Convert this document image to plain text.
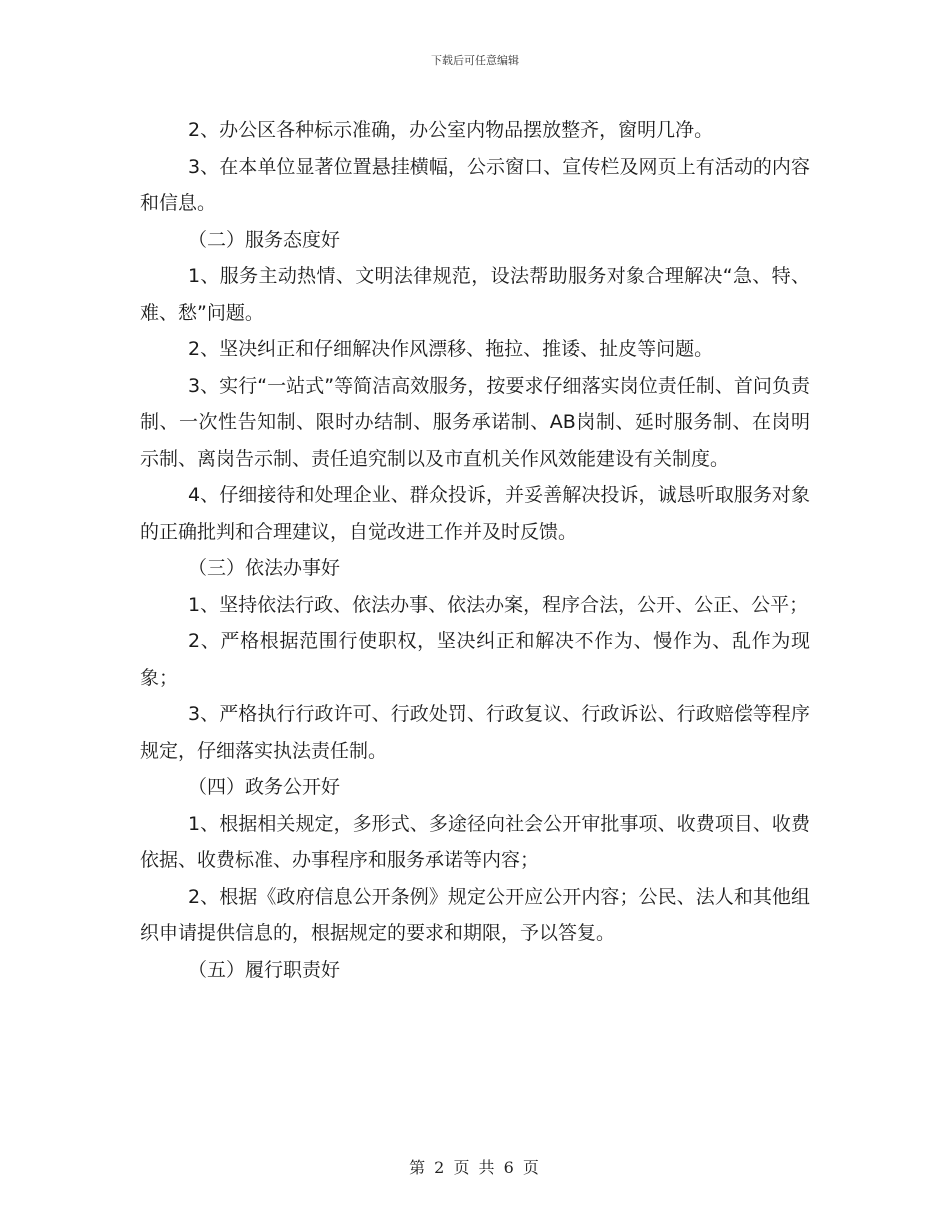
下载后可任意编辑

2、办公区各种标示准确，办公室内物品摆放整齐，窗明几净。

3、在本单位显著位置悬挂横幅，公示窗口、宣传栏及网页上有活动的内容和信息。

（二）服务态度好

1、服务主动热情、文明法律规范，设法帮助服务对象合理解决“急、特、难、愁”问题。

2、坚决纠正和仔细解决作风漂移、拖拉、推诿、扯皮等问题。

3、实行“一站式”等简洁高效服务，按要求仔细落实岗位责任制、首问负责制、一次性告知制、限时办结制、服务承诺制、AB岗制、延时服务制、在岗明示制、离岗告示制、责任追究制以及市直机关作风效能建设有关制度。

4、仔细接待和处理企业、群众投诉，并妥善解决投诉，诚恳听取服务对象的正确批判和合理建议，自觉改进工作并及时反馈。

（三）依法办事好

1、坚持依法行政、依法办事、依法办案，程序合法，公开、公正、公平；

2、严格根据范围行使职权，坚决纠正和解决不作为、慢作为、乱作为现象；

3、严格执行行政许可、行政处罚、行政复议、行政诉讼、行政赔偿等程序规定，仔细落实执法责任制。

（四）政务公开好

1、根据相关规定，多形式、多途径向社会公开审批事项、收费项目、收费依据、收费标准、办事程序和服务承诺等内容；

2、根据《政府信息公开条例》规定公开应公开内容；公民、法人和其他组织申请提供信息的，根据规定的要求和期限，予以答复。

（五）履行职责好

第 2 页 共 6 页
